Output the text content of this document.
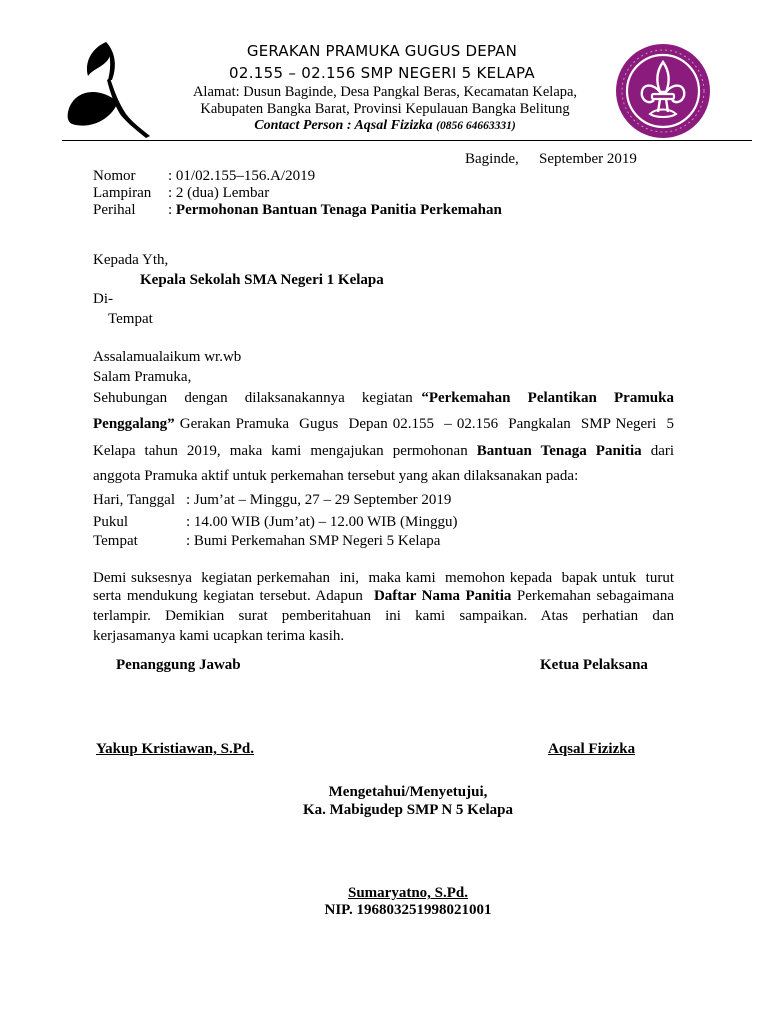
GERAKAN PRAMUKA GUGUS DEPAN
02.155 – 02.156 SMP NEGERI 5 KELAPA
Alamat: Dusun Baginde, Desa Pangkal Beras, Kecamatan Kelapa,
Kabupaten Bangka Barat, Provinsi Kepulauan Bangka Belitung
Contact Person : Aqsal Fizizka (0856 64663331)
Baginde, September 2019
Nomor : 01/02.155–156.A/2019
Lampiran : 2 (dua) Lembar
Perihal : Permohonan Bantuan Tenaga Panitia Perkemahan
Kepada Yth,
Kepala Sekolah SMA Negeri 1 Kelapa
Di-
Tempat
Assalamualaikum wr.wb
Salam Pramuka,
Sehubungan  dengan  dilaksanakannya  kegiatan “Perkemahan  Pelantikan  Pramuka
Penggalang” Gerakan Pramuka  Gugus  Depan 02.155  – 02.156  Pangkalan  SMP Negeri  5
Kelapa tahun 2019, maka kami mengajukan permohonan Bantuan Tenaga Panitia dari
anggota Pramuka aktif untuk perkemahan tersebut yang akan dilaksanakan pada:
Hari, Tanggal : Jum’at – Minggu, 27 – 29 September 2019
Pukul	: 14.00 WIB (Jum’at) – 12.00 WIB (Minggu)
Tempat	: Bumi Perkemahan SMP Negeri 5 Kelapa
Demi suksesnya  kegiatan perkemahan  ini,  maka kami  memohon kepada  bapak untuk  turut
serta mendukung kegiatan tersebut. Adapun  Daftar Nama Panitia Perkemahan sebagaimana
terlampir.  Demikian  surat  pemberitahuan  ini  kami  sampaikan.  Atas  perhatian  dan
kerjasamanya kami ucapkan terima kasih.
Penanggung Jawab	Ketua Pelaksana
Yakup Kristiawan, S.Pd.	Aqsal Fizizka
Mengetahui/Menyetujui,
Ka. Mabigudep SMP N 5 Kelapa
Sumaryatno, S.Pd.
NIP. 196803251998021001
